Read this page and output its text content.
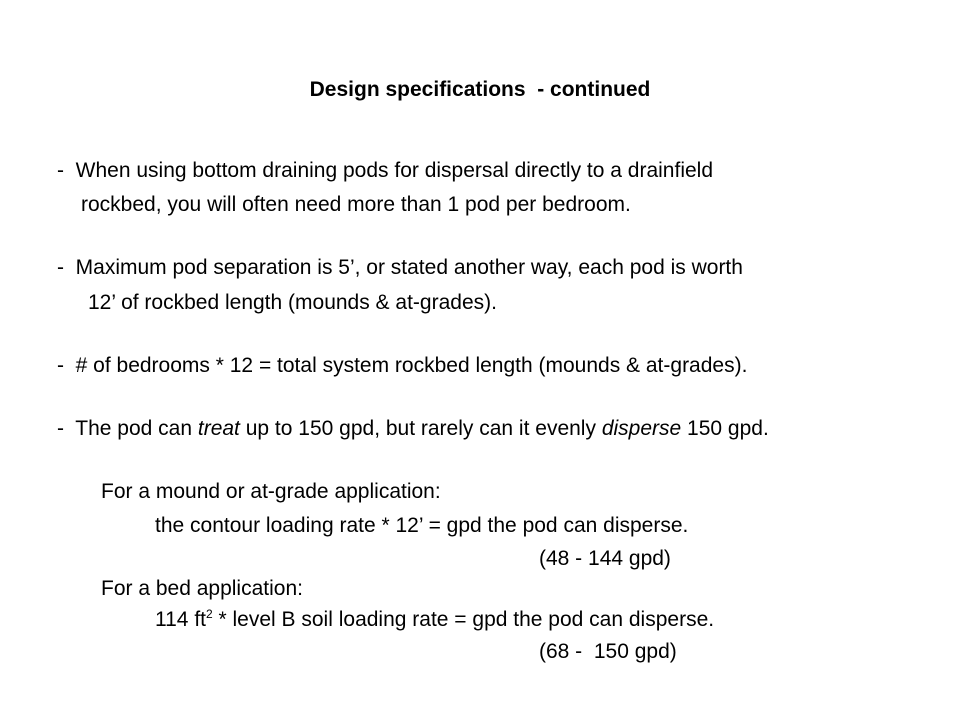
Design specifications  - continued
-  When using bottom draining pods for dispersal directly to a drainfield
rockbed, you will often need more than 1 pod per bedroom.
-  Maximum pod separation is 5’, or stated another way, each pod is worth
12’ of rockbed length (mounds & at-grades).
-  # of bedrooms * 12 = total system rockbed length (mounds & at-grades).
-  The pod can treat up to 150 gpd, but rarely can it evenly disperse 150 gpd.
For a mound or at-grade application:
the contour loading rate * 12’ = gpd the pod can disperse.
(48 - 144 gpd)
For a bed application:
114 $ft^2$ * level B soil loading rate = gpd the pod can disperse.
(68 -  150 gpd)
